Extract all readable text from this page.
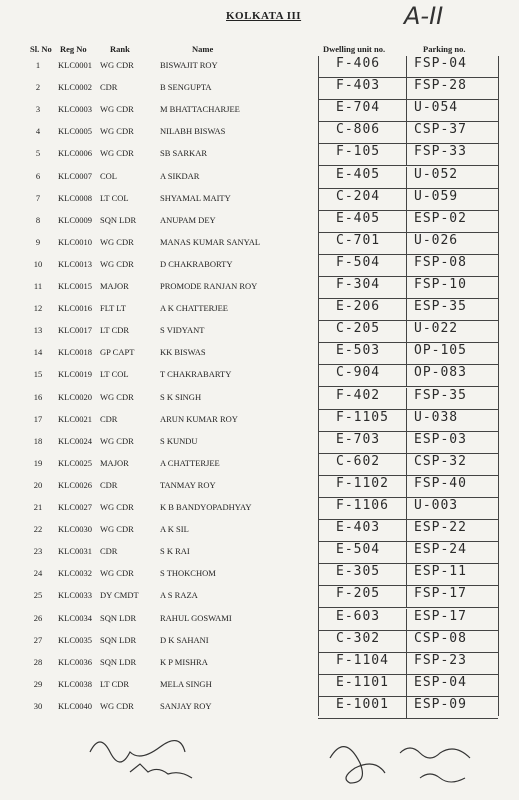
KOLKATA III	A-II
Sl. No Reg No	Rank	Name	Dwelling unit no.	Parking no.
1	KLC0001 WG CDR	BISWAJIT ROY	F-406	FSP-04
2	KLC0002 CDR	B SENGUPTA	F-403	FSP-28
3	KLC0003 WG CDR	M BHATTACHARJEE	E-704	U-054
4	KLC0005 WG CDR	NILABH BISWAS	C-806	CSP-37
5	KLC0006 WG CDR	SB SARKAR	F-105	FSP-33
6	KLC0007 COL	A SIKDAR	E-405	U-052
7	KLC0008 LT COL	SHYAMAL MAITY	C-204	U-059
8	KLC0009 SQN LDR	ANUPAM DEY	E-405	ESP-02
9	KLC0010 WG CDR	MANAS KUMAR SANYAL	C-701	U-026
10	KLC0013 WG CDR	D CHAKRABORTY	F-504	FSP-08
11	KLC0015 MAJOR	PROMODE RANJAN ROY	F-304	FSP-10
12	KLC0016 FLT LT	A K CHATTERJEE	E-206	ESP-35
13	KLC0017 LT CDR	S VIDYANT	C-205	U-022
14	KLC0018 GP CAPT	KK BISWAS	E-503	OP-105
15	KLC0019 LT COL	T CHAKRABARTY	C-904	OP-083
16	KLC0020 WG CDR	S K SINGH	F-402	FSP-35
17	KLC0021 CDR	ARUN KUMAR ROY	F-1105 U-038
18	KLC0024 WG CDR	S KUNDU	E-703	ESP-03
19	KLC0025 MAJOR	A CHATTERJEE	C-602	CSP-32
20	KLC0026 CDR	TANMAY ROY	F-1102 FSP-40
21	KLC0027 WG CDR	K B BANDYOPADHYAY	F-1106 U-003
22	KLC0030 WG CDR	A K SIL	E-403	ESP-22
23	KLC0031 CDR	S K RAI	E-504	ESP-24
24	KLC0032 WG CDR	S THOKCHOM	E-305	ESP-11
25	KLC0033 DY CMDT	A S RAZA	F-205	FSP-17
26	KLC0034 SQN LDR	RAHUL GOSWAMI	E-603	ESP-17
27	KLC0035 SQN LDR	D K SAHANI	C-302	CSP-08
28	KLC0036 SQN LDR	K P MISHRA	F-1104 FSP-23
29	KLC0038 LT CDR	MELA SINGH	E-1101 ESP-04
30	KLC0040 WG CDR	SANJAY ROY	E-1001 ESP-09
